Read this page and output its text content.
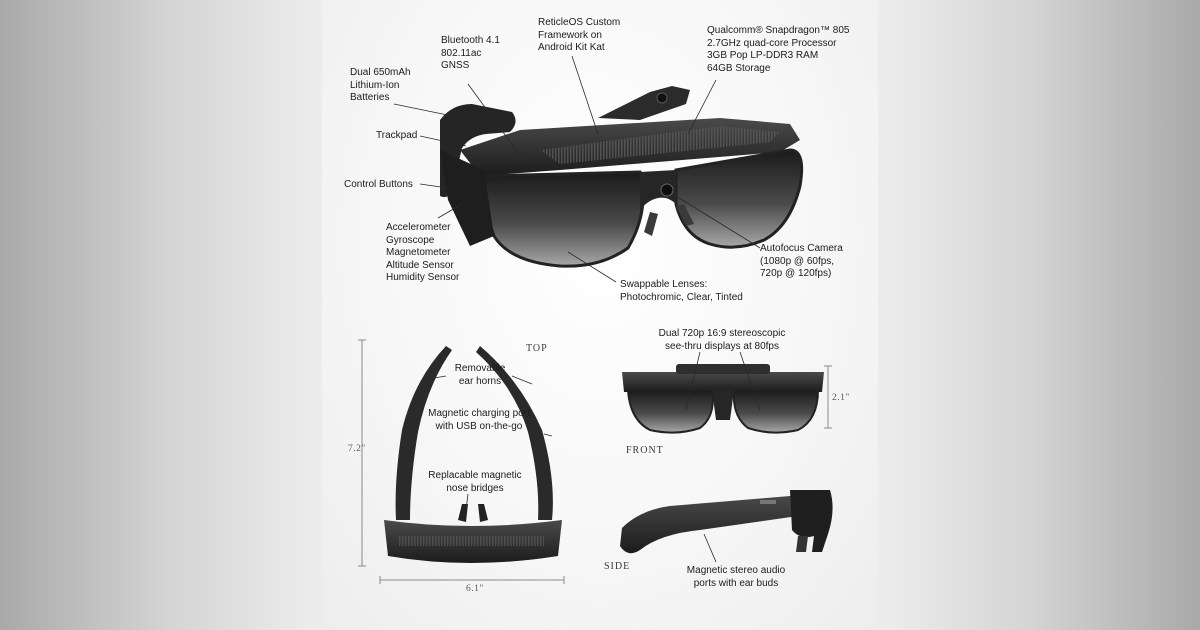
ReticleOS Custom
Framework on
Android Kit Kat
Bluetooth 4.1
802.11ac
GNSS
Qualcomm® Snapdragon™ 805
2.7GHz quad-core Processor
3GB Pop LP-DDR3 RAM
64GB Storage
Dual 650mAh
Lithium-Ion
Batteries
Trackpad
Control Buttons
Accelerometer
Gyroscope
Magnetometer
Altitude Sensor
Humidity Sensor
Autofocus Camera
(1080p @ 60fps,
720p @ 120fps)
Swappable Lenses:
Photochromic, Clear, Tinted
Removable
ear horns
Magnetic charging port
with USB on-the-go
Replacable magnetic
nose bridges
Dual 720p 16:9 stereoscopic
see-thru displays at 80fps
Magnetic stereo audio
ports with ear buds
TOP
FRONT
SIDE
7.2"
6.1"
2.1"
